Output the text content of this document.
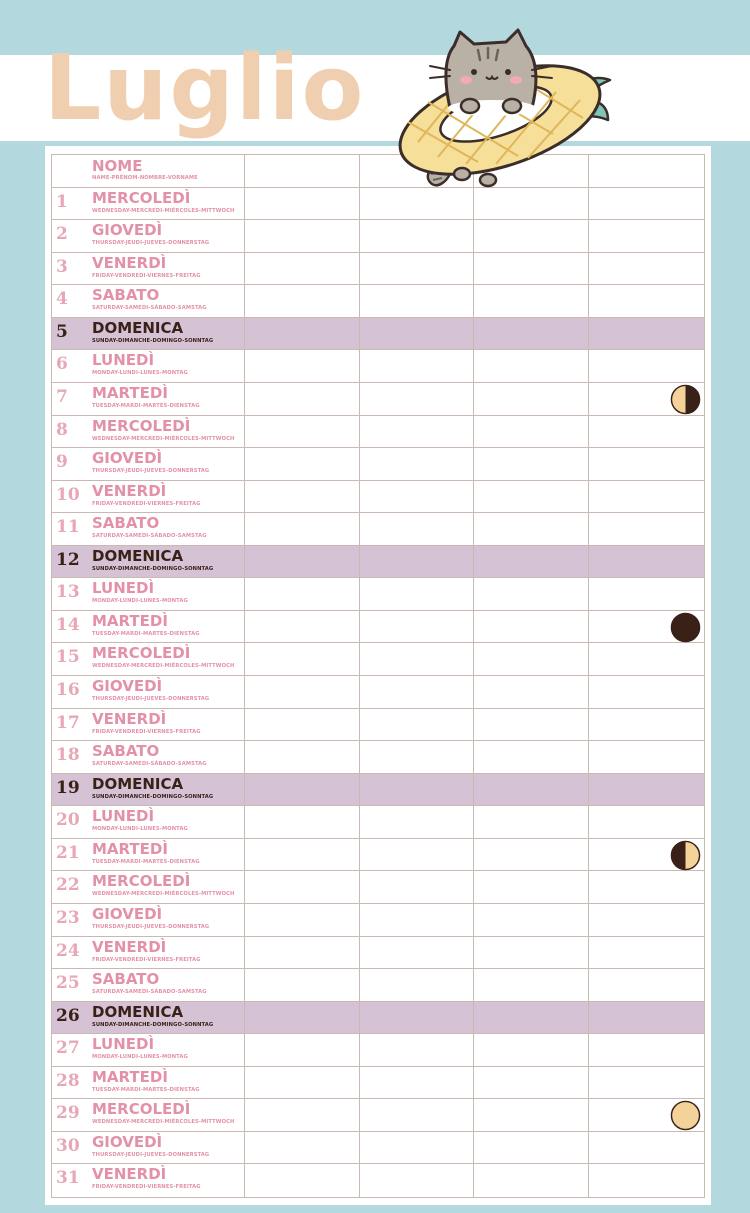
Luglio
NOME
NAME-PRÉNOM-NOMBRE-VORNAME
1 MERCOLEDÌ
WEDNESDAY-MERCREDI-MIÉRCOLES-MITTWOCH
2 GIOVEDÌ
THURSDAY-JEUDI-JUEVES-DONNERSTAG
3 VENERDÌ
FRIDAY-VENDREDI-VIERNES-FREITAG
4 SABATO
SATURDAY-SAMEDI-SÁBADO-SAMSTAG
5 DOMENICA
SUNDAY-DIMANCHE-DOMINGO-SONNTAG
6 LUNEDÌ
MONDAY-LUNDI-LUNES-MONTAG
7 MARTEDÌ
TUESDAY-MARDI-MARTES-DIENSTAG
8 MERCOLEDÌ
WEDNESDAY-MERCREDI-MIÉRCOLES-MITTWOCH
9 GIOVEDÌ
THURSDAY-JEUDI-JUEVES-DONNERSTAG
10 VENERDÌ
FRIDAY-VENDREDI-VIERNES-FREITAG
11 SABATO
SATURDAY-SAMEDI-SÁBADO-SAMSTAG
12 DOMENICA
SUNDAY-DIMANCHE-DOMINGO-SONNTAG
13 LUNEDÌ
MONDAY-LUNDI-LUNES-MONTAG
14 MARTEDÌ
TUESDAY-MARDI-MARTES-DIENSTAG
15 MERCOLEDÌ
WEDNESDAY-MERCREDI-MIÉRCOLES-MITTWOCH
16 GIOVEDÌ
THURSDAY-JEUDI-JUEVES-DONNERSTAG
17 VENERDÌ
FRIDAY-VENDREDI-VIERNES-FREITAG
18 SABATO
SATURDAY-SAMEDI-SÁBADO-SAMSTAG
19 DOMENICA
SUNDAY-DIMANCHE-DOMINGO-SONNTAG
20 LUNEDÌ
MONDAY-LUNDI-LUNES-MONTAG
21 MARTEDÌ
TUESDAY-MARDI-MARTES-DIENSTAG
22 MERCOLEDÌ
WEDNESDAY-MERCREDI-MIÉRCOLES-MITTWOCH
23 GIOVEDÌ
THURSDAY-JEUDI-JUEVES-DONNERSTAG
24 VENERDÌ
FRIDAY-VENDREDI-VIERNES-FREITAG
25 SABATO
SATURDAY-SAMEDI-SÁBADO-SAMSTAG
26 DOMENICA
SUNDAY-DIMANCHE-DOMINGO-SONNTAG
27 LUNEDÌ
MONDAY-LUNDI-LUNES-MONTAG
28 MARTEDÌ
TUESDAY-MARDI-MARTES-DIENSTAG
29 MERCOLEDÌ
WEDNESDAY-MERCREDI-MIÉRCOLES-MITTWOCH
30 GIOVEDÌ
THURSDAY-JEUDI-JUEVES-DONNERSTAG
31 VENERDÌ
FRIDAY-VENDREDI-VIERNES-FREITAG
